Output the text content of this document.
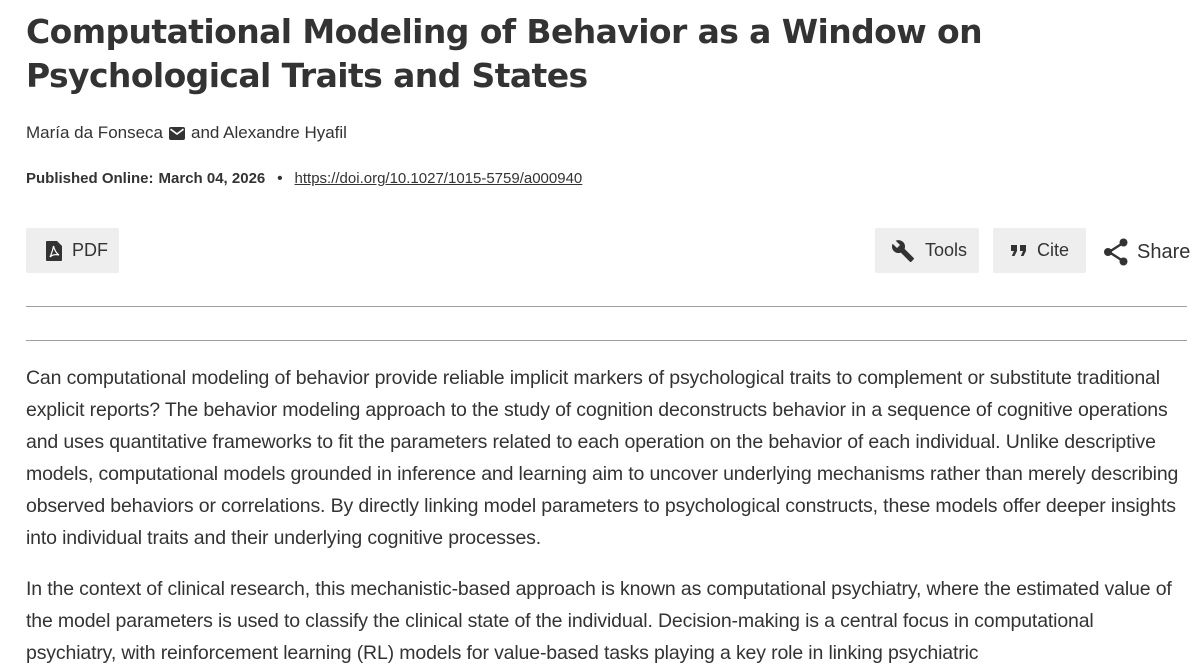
Computational Modeling of Behavior as a Window on Psychological Traits and States
María da Fonseca and Alexandre Hyafil
Published Online: March 04, 2026 • https://doi.org/10.1027/1015-5759/a000940
PDF	Tools	Cite	Share

Can computational modeling of behavior provide reliable implicit markers of psychological traits to complement or substitute traditional explicit reports? The behavior modeling approach to the study of cognition deconstructs behavior in a sequence of cognitive operations and uses quantitative frameworks to fit the parameters related to each operation on the behavior of each individual. Unlike descriptive models, computational models grounded in inference and learning aim to uncover underlying mechanisms rather than merely describing observed behaviors or correlations. By directly linking model parameters to psychological constructs, these models offer deeper insights into individual traits and their underlying cognitive processes.

In the context of clinical research, this mechanistic-based approach is known as computational psychiatry, where the estimated value of the model parameters is used to classify the clinical state of the individual. Decision-making is a central focus in computational psychiatry, with reinforcement learning (RL) models for value-based tasks playing a key role in linking psychiatric
